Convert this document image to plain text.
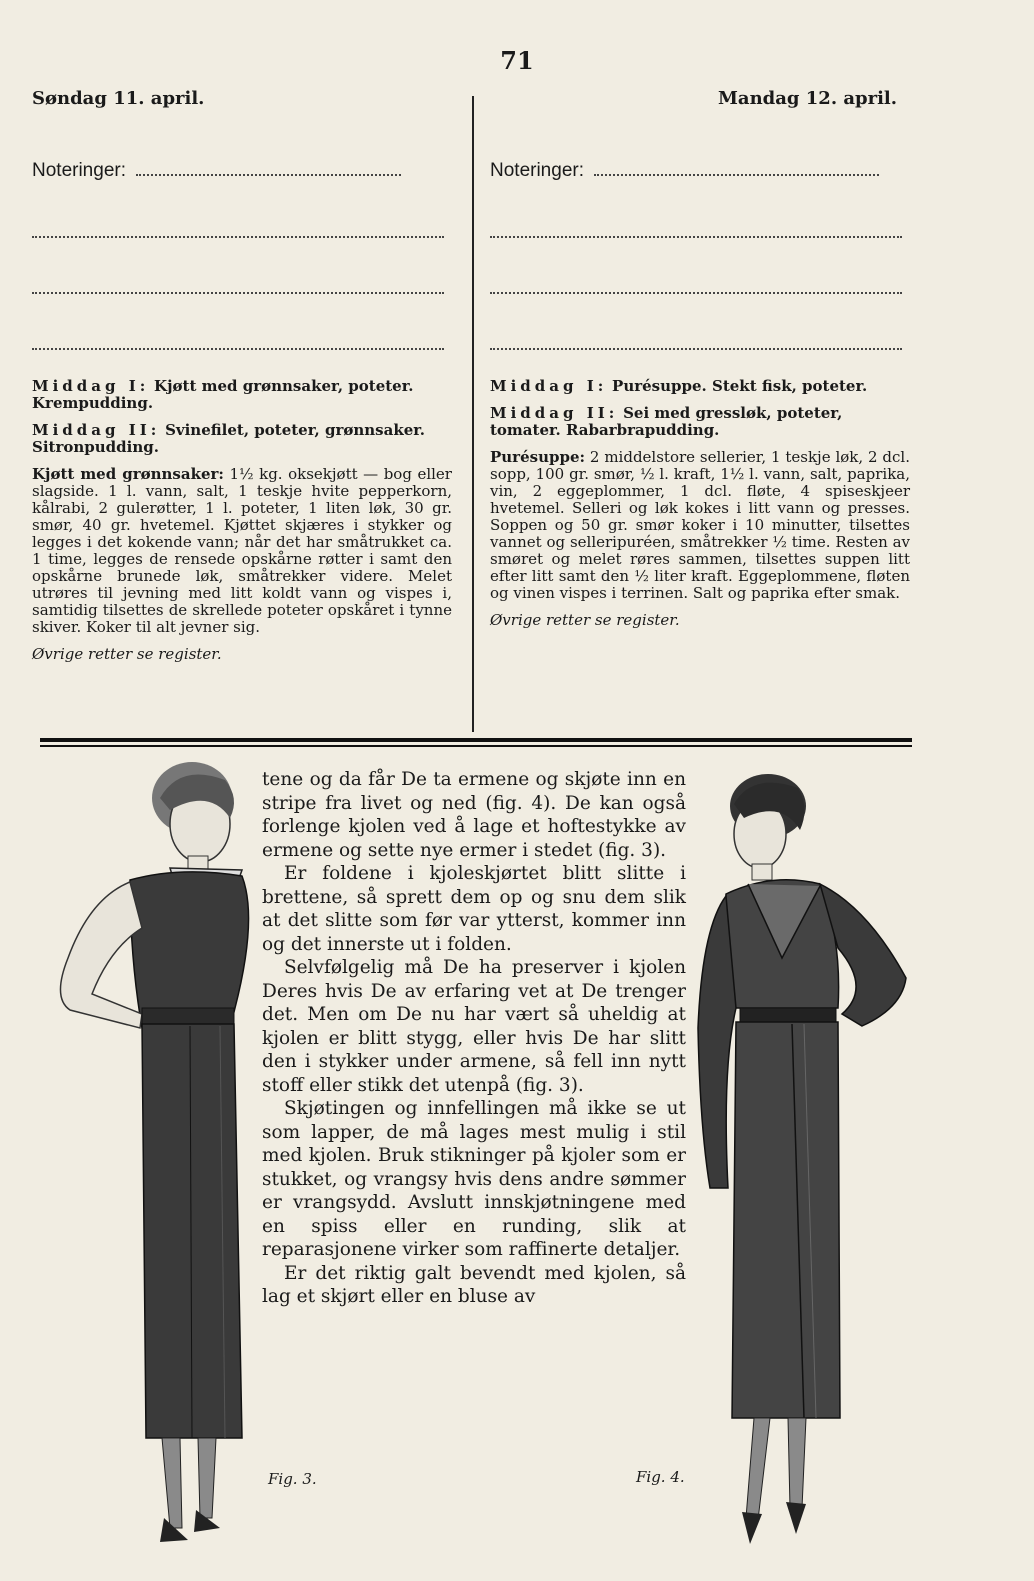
71
Søndag 11. april.	Mandag 12. april.
Noteringer:	Noteringer:

Middag I: Kjøtt med grønnsaker, poteter. Krempudding.

Middag II: Svinefilet, poteter, grønnsaker. Sitronpudding.

Kjøtt med grønnsaker: 1½ kg. oksekjøtt — bog eller slagside. 1 l. vann, salt, 1 teskje hvite pepperkorn, kålrabi, 2 gulerøtter, 1 l. poteter, 1 liten løk, 30 gr. smør, 40 gr. hvetemel. Kjøttet skjæres i stykker og legges i det kokende vann; når det har småtrukket ca. 1 time, legges de rensede opskårne røtter i samt den opskårne brunede løk, småtrekker videre. Melet utrøres til jevning med litt koldt vann og vispes i, samtidig tilsettes de skrellede poteter opskåret i tynne skiver. Koker til alt jevner sig.

Øvrige retter se register.

Middag I: Purésuppe. Stekt fisk, poteter.

Middag II: Sei med gressløk, poteter, tomater. Rabarbrapudding.

Purésuppe: 2 middelstore sellerier, 1 teskje løk, 2 dcl. sopp, 100 gr. smør, ½ l. kraft, 1½ l. vann, salt, paprika, vin, 2 eggeplommer, 1 dcl. fløte, 4 spiseskjeer hvetemel. Selleri og løk kokes i litt vann og presses. Soppen og 50 gr. smør koker i 10 minutter, tilsettes vannet og selleripuréen, småtrekker ½ time. Resten av smøret og melet røres sammen, tilsettes suppen litt efter litt samt den ½ liter kraft. Eggeplommene, fløten og vinen vispes i terrinen. Salt og paprika efter smak.

Øvrige retter se register.

Fig. 3.	Fig. 4.

tene og da får De ta ermene og skjøte inn en stripe fra livet og ned (fig. 4). De kan også forlenge kjolen ved å lage et hoftestykke av ermene og sette nye ermer i stedet (fig. 3).

Er foldene i kjoleskjørtet blitt slitte i brettene, så sprett dem op og snu dem slik at det slitte som før var ytterst, kommer inn og det innerste ut i folden.

Selvfølgelig må De ha preserver i kjolen Deres hvis De av erfaring vet at De trenger det. Men om De nu har vært så uheldig at kjolen er blitt stygg, eller hvis De har slitt den i stykker under armene, så fell inn nytt stoff eller stikk det utenpå (fig. 3).

Skjøtingen og innfellingen må ikke se ut som lapper, de må lages mest mulig i stil med kjolen. Bruk stikninger på kjoler som er stukket, og vrangsy hvis dens andre sømmer er vrangsydd. Avslutt innskjøtningene med en spiss eller en runding, slik at reparasjonene virker som raffinerte detaljer.

Er det riktig galt bevendt med kjolen, så lag et skjørt eller en bluse av
